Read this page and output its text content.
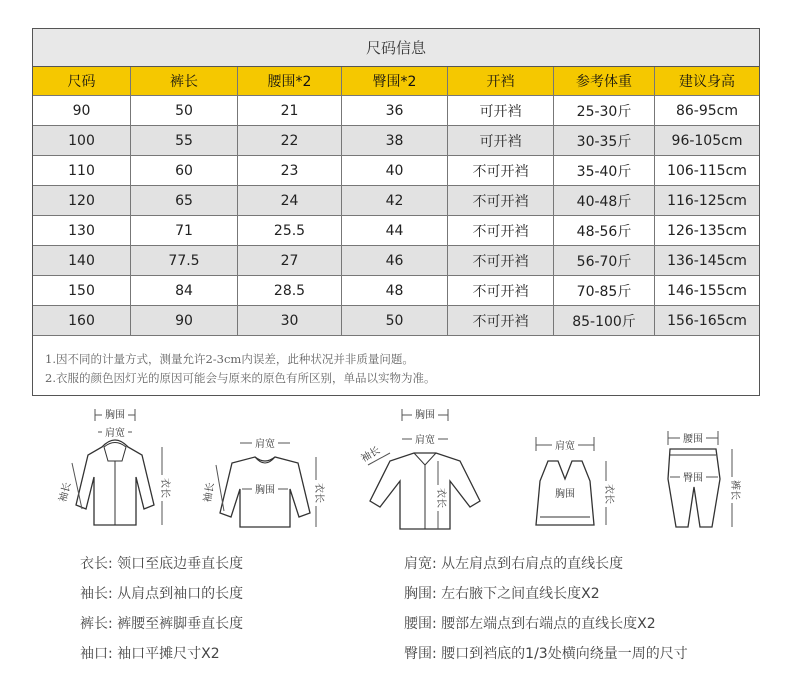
尺码信息
尺码	裤长	腰围*2	臀围*2	开裆	参考体重	建议身高
90	50	21	36	可开裆	25-30斤	86-95cm
100	55	22	38	可开裆	30-35斤	96-105cm
110	60	23	40	不可开裆	35-40斤	106-115cm
120	65	24	42	不可开裆	40-48斤	116-125cm
130	71	25.5	44	不可开裆	48-56斤	126-135cm
140	77.5	27	46	不可开裆	56-70斤	136-145cm
150	84	28.5	48	不可开裆	70-85斤	146-155cm
160	90	30	50	不可开裆	85-100斤	156-165cm
1.因不同的计量方式，测量允许2-3cm内误差，此种状况并非质量问题。
2.衣服的颜色因灯光的原因可能会与原来的原色有所区别，单品以实物为准。
胸围
肩宽
袖长	衣长
肩宽
胸围
袖长	衣长
胸围
肩宽
袖长
衣长
肩宽
胸围	衣长
腰围
臀围
裤长
衣长: 领口至底边垂直长度	肩宽: 从左肩点到右肩点的直线长度
袖长: 从肩点到袖口的长度	胸围: 左右腋下之间直线长度X2
裤长: 裤腰至裤脚垂直长度	腰围: 腰部左端点到右端点的直线长度X2
袖口: 袖口平摊尺寸X2	臀围: 腰口到裆底的1/3处横向绕量一周的尺寸
